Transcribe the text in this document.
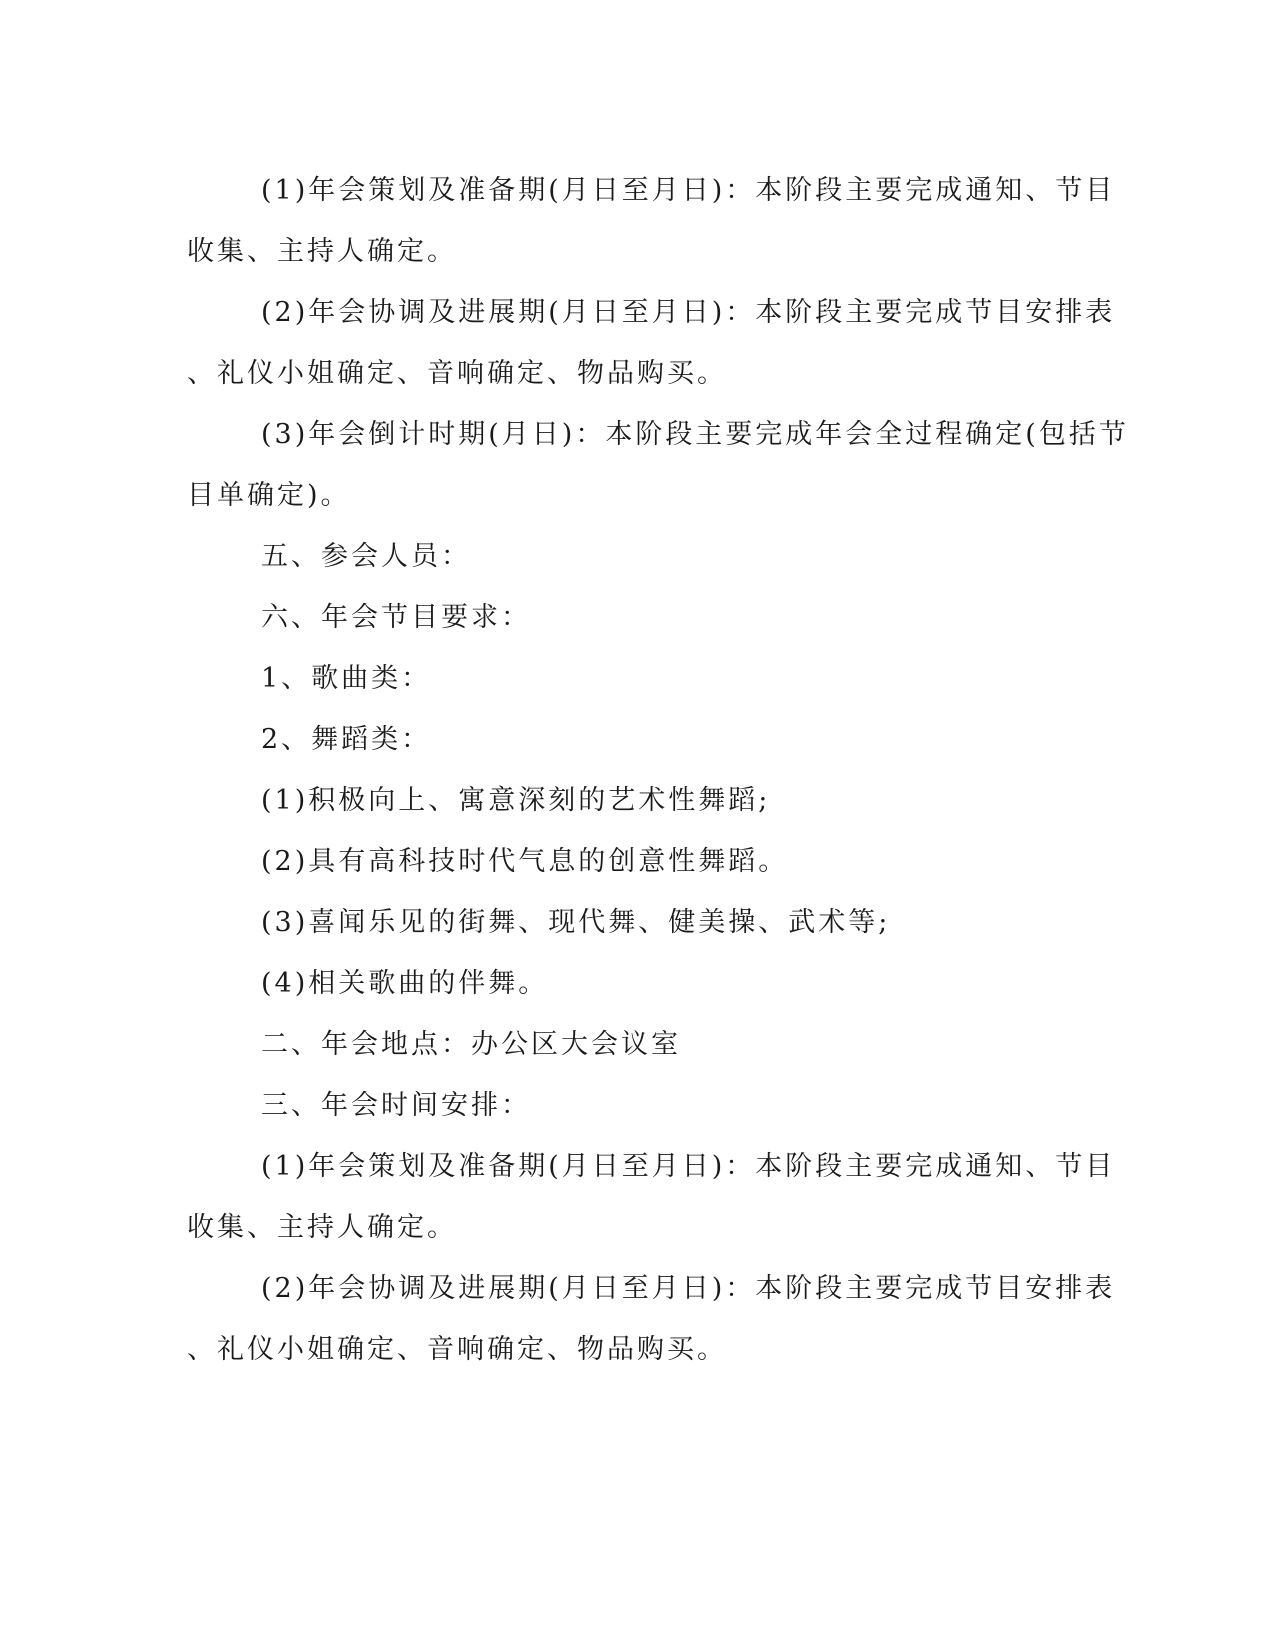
(1)年会策划及准备期(月日至月日)：本阶段主要完成通知、节目

收集、主持人确定。

(2)年会协调及进展期(月日至月日)：本阶段主要完成节目安排表

、礼仪小姐确定、音响确定、物品购买。

(3)年会倒计时期(月日)：本阶段主要完成年会全过程确定(包括节

目单确定)。

五、参会人员：

六、年会节目要求：

1、歌曲类：

2、舞蹈类：

(1)积极向上、寓意深刻的艺术性舞蹈;

(2)具有高科技时代气息的创意性舞蹈。

(3)喜闻乐见的街舞、现代舞、健美操、武术等;

(4)相关歌曲的伴舞。

二、年会地点：办公区大会议室

三、年会时间安排：

(1)年会策划及准备期(月日至月日)：本阶段主要完成通知、节目

收集、主持人确定。

(2)年会协调及进展期(月日至月日)：本阶段主要完成节目安排表

、礼仪小姐确定、音响确定、物品购买。
